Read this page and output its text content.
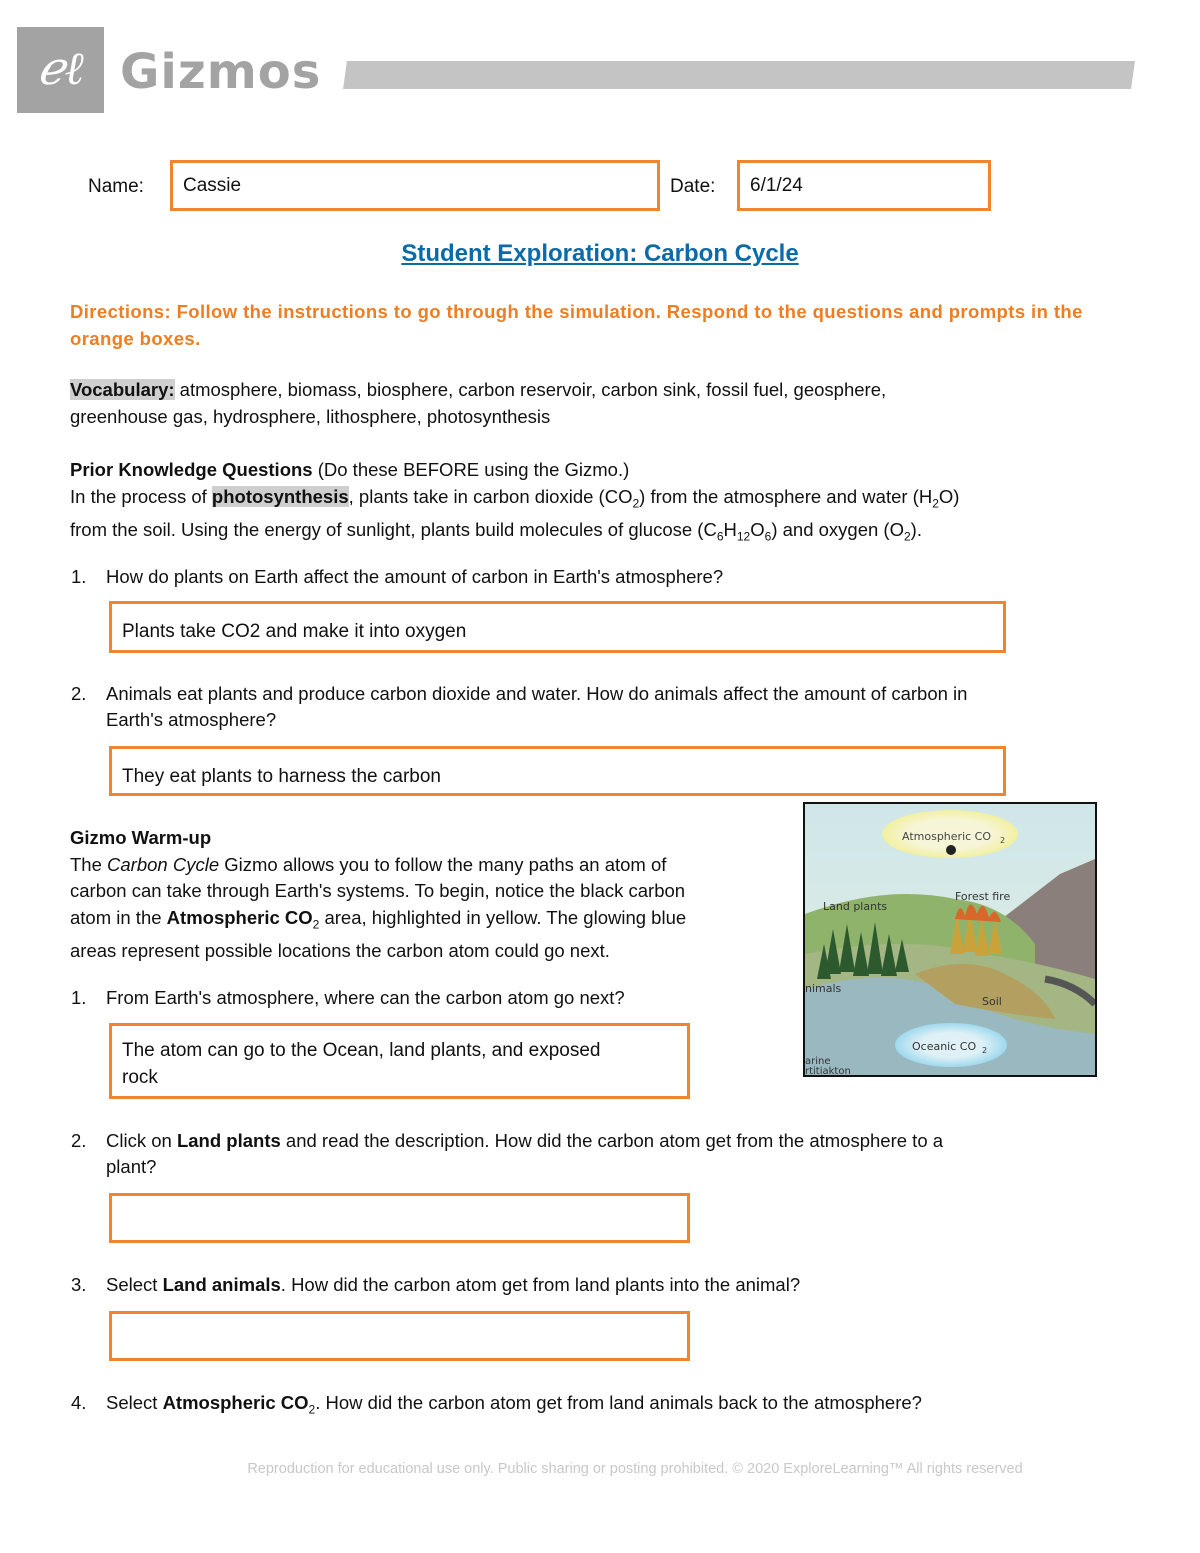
ℯℓ Gizmos
Name:	Cassie	Date:	6/1/24
Student Exploration: Carbon Cycle
Directions: Follow the instructions to go through the simulation. Respond to the questions and prompts in the orange boxes.
Vocabulary: atmosphere, biomass, biosphere, carbon reservoir, carbon sink, fossil fuel, geosphere,
greenhouse gas, hydrosphere, lithosphere, photosynthesis
Prior Knowledge Questions (Do these BEFORE using the Gizmo.)
In the process of photosynthesis, plants take in carbon dioxide $(CO_2)$ from the atmosphere and water $(H_2O)$
from the soil. Using the energy of sunlight, plants build molecules of glucose $(C_6H_{12}O_6)$ and oxygen $(O_2)$.
1. How do plants on Earth affect the amount of carbon in Earth's atmosphere?
Plants take CO2 and make it into oxygen
2. Animals eat plants and produce carbon dioxide and water. How do animals affect the amount of carbon in
Earth's atmosphere?
They eat plants to harness the carbon
Gizmo Warm-up
The Carbon Cycle Gizmo allows you to follow the many paths an atom of
carbon can take through Earth's systems. To begin, notice the black carbon
atom in the Atmospheric $CO_2$ area, highlighted in yellow. The glowing blue
areas represent possible locations the carbon atom could go next.
Atmospheric CO 2
Forest fire
Land plants
nimals
Soil
Oceanic CO 2
arine
rtitiakton
1. From Earth's atmosphere, where can the carbon atom go next?
The atom can go to the Ocean, land plants, and exposed
rock
2. Click on Land plants and read the description. How did the carbon atom get from the atmosphere to a
plant?
3. Select Land animals. How did the carbon atom get from land plants into the animal?
4. Select Atmospheric $CO_2$. How did the carbon atom get from land animals back to the atmosphere?
Reproduction for educational use only. Public sharing or posting prohibited. © 2020 ExploreLearning™ All rights reserved
